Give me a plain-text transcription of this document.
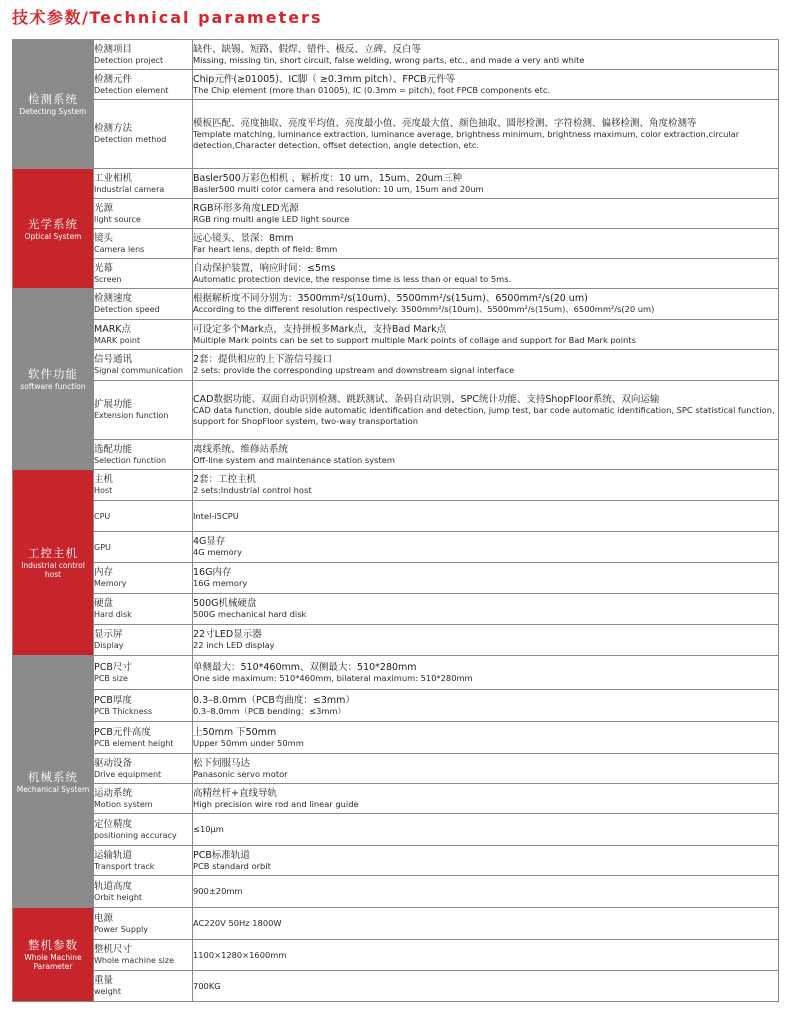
技术参数/Technical parameters
检测系统
Detecting System	检测项目
Detection project	缺件、缺锡、短路、假焊、错件、极反、立碑、反白等
Missing, missing tin, short circuit, false welding, wrong parts, etc., and made a very anti white

	检测元件
Detection element	Chip元件(≥01005)、IC脚（ ≥0.3mm pitch）、FPCB元件等
The Chip element (more than 01005), IC (0.3mm = pitch), foot FPCB components etc.

	检测方法
Detection method	模板匹配、亮度抽取、亮度平均值、亮度最小值、亮度最大值、颜色抽取、圆形检测、字符检测、偏移检测、角度检测等
Template matching, luminance extraction, luminance average, brightness minimum, brightness maximum, color extraction,circular detection,Character detection, offset detection, angle detection, etc.

光学系统
Optical System	工业相机
Industrial camera	Basler500万彩色相机 、解析度：10 um、15um、20um三种
Basler500 multi color camera and resolution: 10 um, 15um and 20um

	光源
light source	RGB环形多角度LED光源
RGB ring multi angle LED light source

	镜头
Camera lens	远心镜头、景深：8mm
Far heart lens, depth of field: 8mm

	光幕
Screen	自动保护装置，响应时间：≤5ms
Automatic protection device, the response time is less than or equal to 5ms.

软件功能
software function	检测速度
Detection speed	根据解析度不同分别为：3500mm²/s(10um)、5500mm²/s(15um)、6500mm²/s(20 um)
According to the different resolution respectively: 3500mm²/s(10um)、5500mm²/s(15um)、6500mm²/s(20 um)

	MARK点
MARK point	可设定多个Mark点，支持拼板多Mark点，支持Bad Mark点
Multiple Mark points can be set to support multiple Mark points of collage and support for Bad Mark points

	信号通讯
Signal communication	2套：提供相应的上下游信号接口
2 sets: provide the corresponding upstream and downstream signal interface

	扩展功能
Extension function	CAD数据功能、双面自动识别检测、跳跃测试、条码自动识别、SPC统计功能、支持ShopFloor系统、双向运输
CAD data function, double side automatic identification and detection, jump test, bar code automatic identification, SPC statistical function, support for ShopFloor system, two-way transportation

	选配功能
Selection function	离线系统、维修站系统
Off-line system and maintenance station system

工控主机
Industrial control host	主机
Host	2套：工控主机
2 sets:Industrial control host

	CPU	Intel-i5CPU

	GPU	4G显存
4G memory

	内存
Memory	16G内存
16G memory

	硬盘
Hard disk	500G机械硬盘
500G mechanical hard disk

	显示屏
Display	22寸LED显示器
22 inch LED display

机械系统
Mechanical System	PCB尺寸
PCB size	单侧最大：510*460mm、双侧最大：510*280mm
One side maximum: 510*460mm, bilateral maximum: 510*280mm

	PCB厚度
PCB Thickness	0.3–8.0mm（PCB弯曲度：≤3mm）
0.3–8.0mm（PCB bending：≤3mm）

	PCB元件高度
PCB element height	上50mm 下50mm
Upper 50mm under 50mm

	驱动设备
Drive equipment	松下伺服马达
Panasonic servo motor

	运动系统
Motion system	高精丝杆+直线导轨
High precision wire rod and linear guide

	定位精度
positioning accuracy	≤10μm

	运输轨道
Transport track	PCB标准轨道
PCB standard orbit

	轨道高度
Orbit height	900±20mm

整机参数
Whole Machine Parameter	电源
Power Supply	AC220V 50Hz 1800W

	整机尺寸
Whole machine size	1100×1280×1600mm

	重量
weight	700KG
